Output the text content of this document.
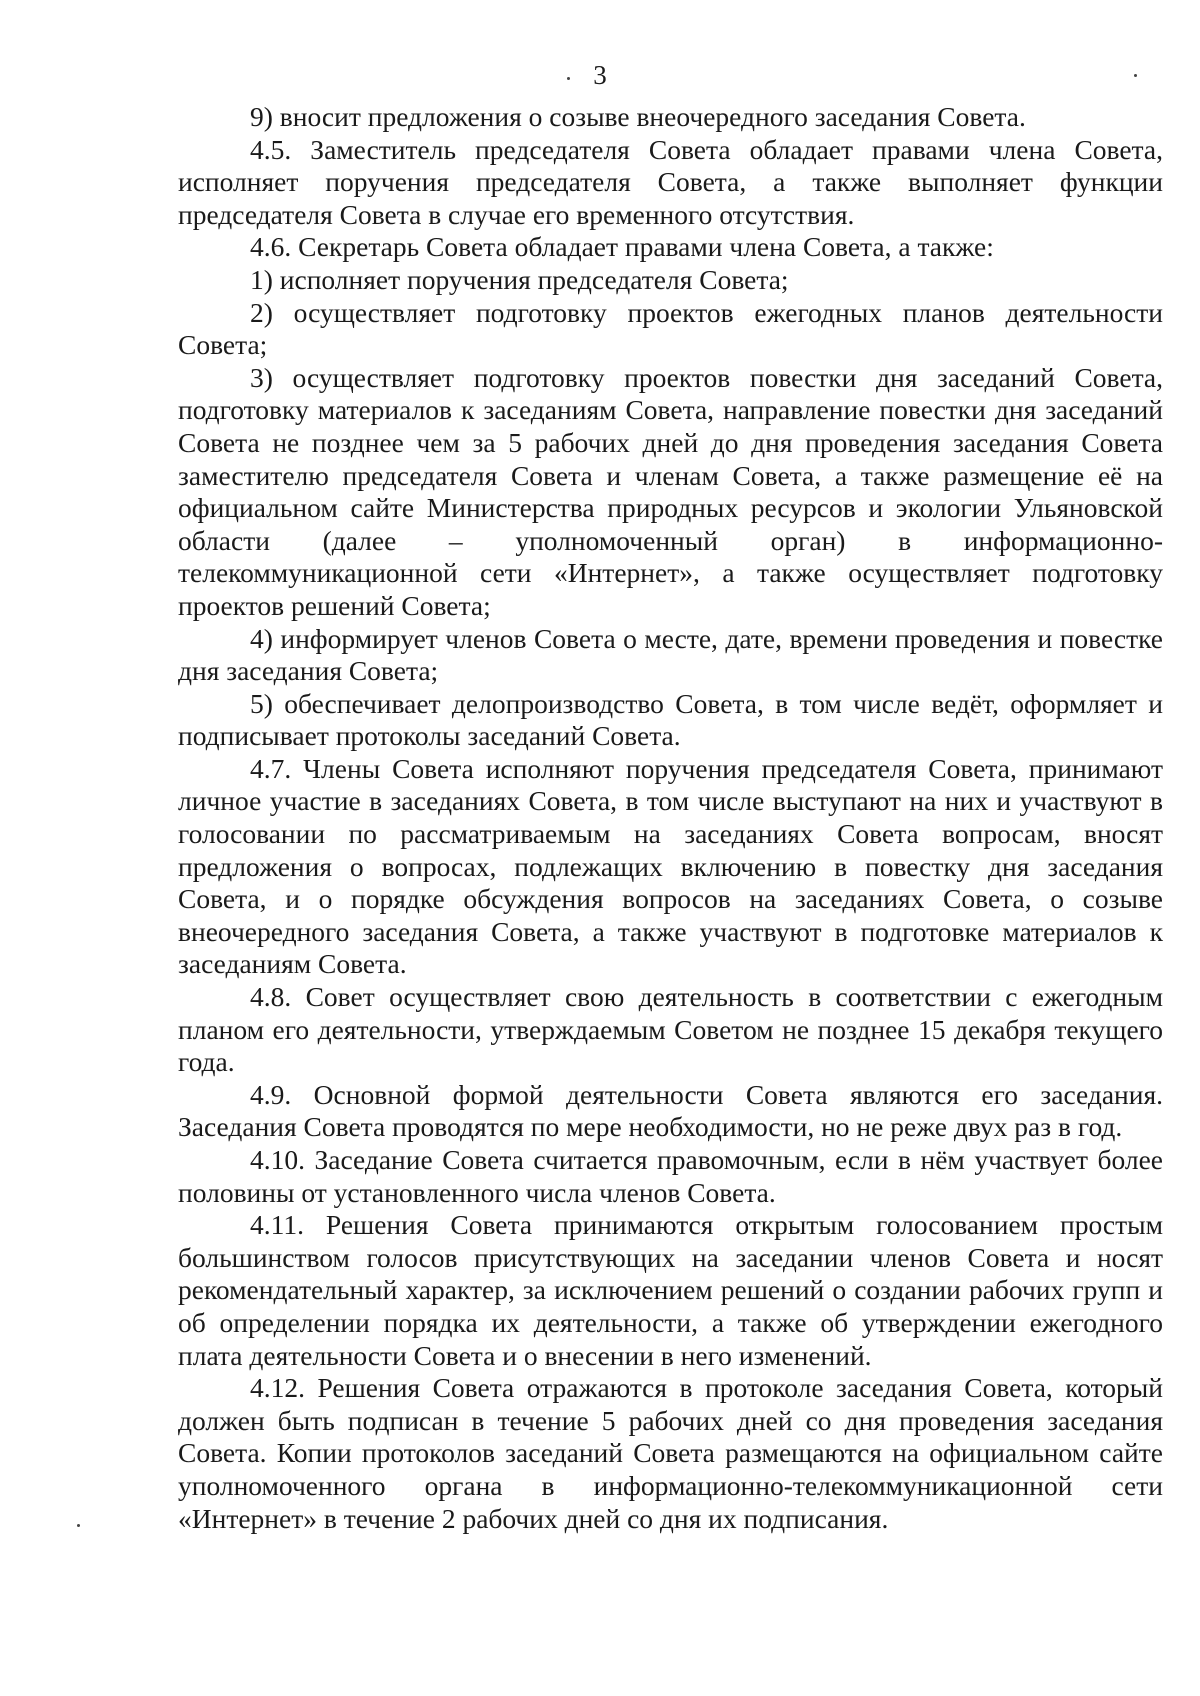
3

9) вносит предложения о созыве внеочередного заседания Совета.

4.5. Заместитель председателя Совета обладает правами члена Совета, исполняет поручения председателя Совета, а также выполняет функции председателя Совета в случае его временного отсутствия.

4.6. Секретарь Совета обладает правами члена Совета, а также:

1) исполняет поручения председателя Совета;

2) осуществляет подготовку проектов ежегодных планов деятельности Совета;

3) осуществляет подготовку проектов повестки дня заседаний Совета, подготовку материалов к заседаниям Совета, направление повестки дня заседаний Совета не позднее чем за 5 рабочих дней до дня проведения заседания Совета заместителю председателя Совета и членам Совета, а также размещение её на официальном сайте Министерства природных ресурсов и экологии Ульяновской области (далее – уполномоченный орган) в информационно-телекоммуникационной сети «Интернет», а также осуществляет подготовку проектов решений Совета;

4) информирует членов Совета о месте, дате, времени проведения и повестке дня заседания Совета;

5) обеспечивает делопроизводство Совета, в том числе ведёт, оформляет и подписывает протоколы заседаний Совета.

4.7. Члены Совета исполняют поручения председателя Совета, принимают личное участие в заседаниях Совета, в том числе выступают на них и участвуют в голосовании по рассматриваемым на заседаниях Совета вопросам, вносят предложения о вопросах, подлежащих включению в повестку дня заседания Совета, и о порядке обсуждения вопросов на заседаниях Совета, о созыве внеочередного заседания Совета, а также участвуют в подготовке материалов к заседаниям Совета.

4.8. Совет осуществляет свою деятельность в соответствии с ежегодным планом его деятельности, утверждаемым Советом не позднее 15 декабря текущего года.

4.9. Основной формой деятельности Совета являются его заседания. Заседания Совета проводятся по мере необходимости, но не реже двух раз в год.

4.10. Заседание Совета считается правомочным, если в нём участвует более половины от установленного числа членов Совета.

4.11. Решения Совета принимаются открытым голосованием простым большинством голосов присутствующих на заседании членов Совета и носят рекомендательный характер, за исключением решений о создании рабочих групп и об определении порядка их деятельности, а также об утверждении ежегодного плата деятельности Совета и о внесении в него изменений.

4.12. Решения Совета отражаются в протоколе заседания Совета, который должен быть подписан в течение 5 рабочих дней со дня проведения заседания Совета. Копии протоколов заседаний Совета размещаются на официальном сайте уполномоченного органа в информационно-телекоммуникационной сети «Интернет» в течение 2 рабочих дней со дня их подписания.
